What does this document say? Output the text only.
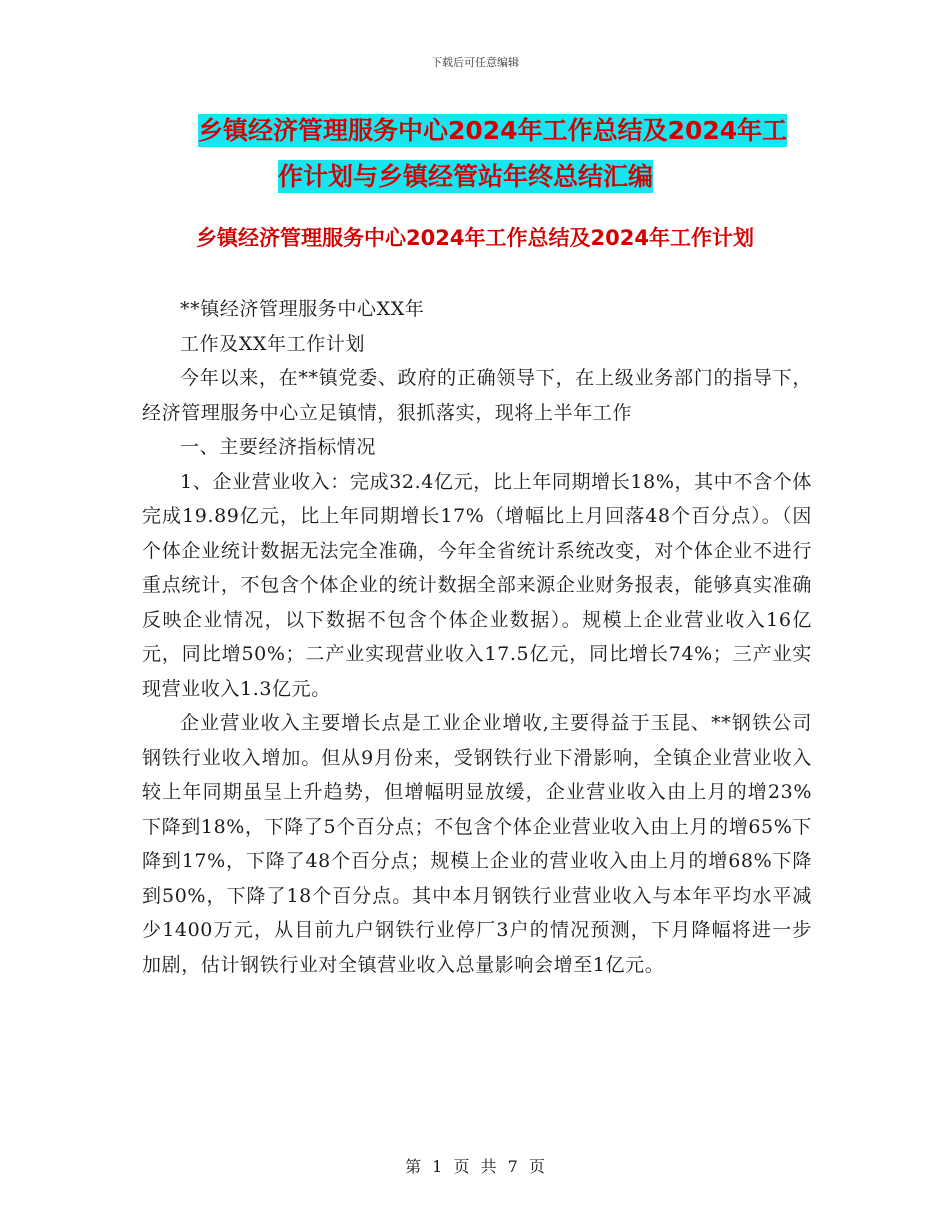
下载后可任意编辑
乡镇经济管理服务中心2024年工作总结及2024年工
作计划与乡镇经管站年终总结汇编
乡镇经济管理服务中心2024年工作总结及2024年工作计划

**镇经济管理服务中心XX年

工作及XX年工作计划

今年以来，在**镇党委、政府的正确领导下，在上级业务部门的指导下，经济管理服务中心立足镇情，狠抓落实，现将上半年工作

一、主要经济指标情况

1、企业营业收入：完成32.4亿元，比上年同期增长18%，其中不含个体完成19.89亿元，比上年同期增长17%（增幅比上月回落48个百分点）。（因个体企业统计数据无法完全准确，今年全省统计系统改变，对个体企业不进行重点统计，不包含个体企业的统计数据全部来源企业财务报表，能够真实准确反映企业情况，以下数据不包含个体企业数据）。规模上企业营业收入16亿元，同比增50%；二产业实现营业收入17.5亿元，同比增长74%；三产业实现营业收入1.3亿元。

企业营业收入主要增长点是工业企业增收,主要得益于玉昆、**钢铁公司钢铁行业收入增加。但从9月份来，受钢铁行业下滑影响，全镇企业营业收入较上年同期虽呈上升趋势，但增幅明显放缓，企业营业收入由上月的增23%下降到18%，下降了5个百分点；不包含个体企业营业收入由上月的增65%下降到17%，下降了48个百分点；规模上企业的营业收入由上月的增68%下降到50%，下降了18个百分点。其中本月钢铁行业营业收入与本年平均水平减少1400万元，从目前九户钢铁行业停厂3户的情况预测，下月降幅将进一步加剧，估计钢铁行业对全镇营业收入总量影响会增至1亿元。

第 1 页 共 7 页
